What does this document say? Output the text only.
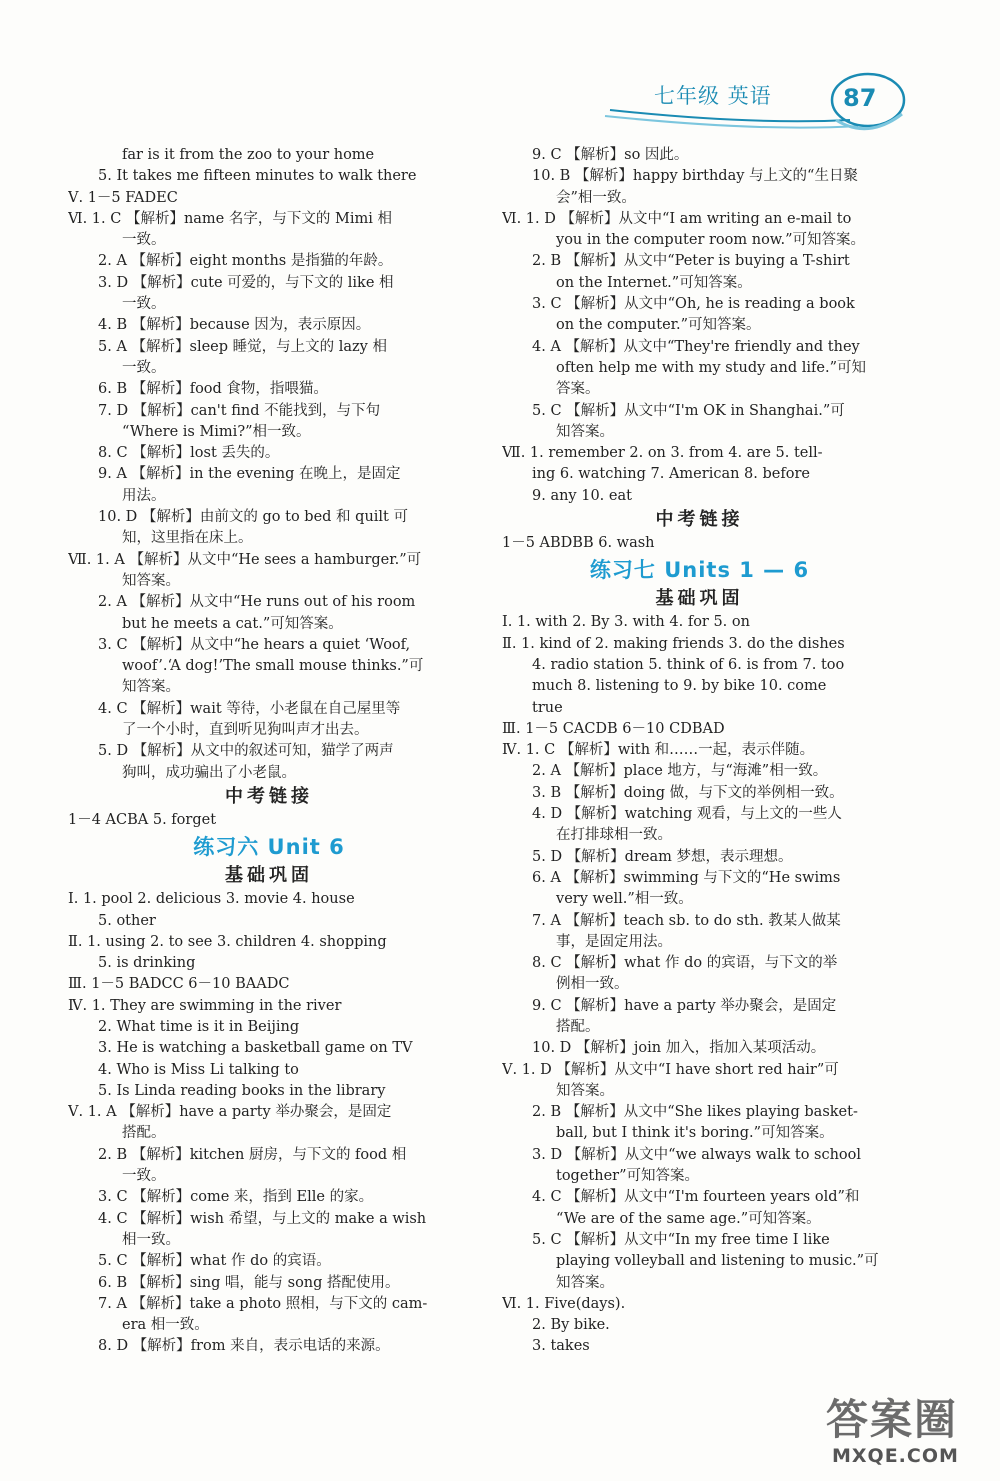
七年级 英语	87
far is it from the zoo to your home
5. It takes me fifteen minutes to walk there
Ⅴ. 1－5 FADEC
Ⅵ. 1. C 【解析】name 名字，与下文的 Mimi 相
一致。
2. A 【解析】eight months 是指猫的年龄。
3. D 【解析】cute 可爱的，与下文的 like 相
一致。
4. B 【解析】because 因为，表示原因。
5. A 【解析】sleep 睡觉，与上文的 lazy 相
一致。
6. B 【解析】food 食物，指喂猫。
7. D 【解析】can't find 不能找到，与下句
“Where is Mimi?”相一致。
8. C 【解析】lost 丢失的。
9. A 【解析】in the evening 在晚上，是固定
用法。
10. D 【解析】由前文的 go to bed 和 quilt 可
知，这里指在床上。
Ⅶ. 1. A 【解析】从文中“He sees a hamburger.”可
知答案。
2. A 【解析】从文中“He runs out of his room
but he meets a cat.”可知答案。
3. C 【解析】从文中“he hears a quiet ‘Woof,
woof’.‘A dog!’The small mouse thinks.”可
知答案。
4. C 【解析】wait 等待，小老鼠在自己屋里等
了一个小时，直到听见狗叫声才出去。
5. D 【解析】从文中的叙述可知，猫学了两声
狗叫，成功骗出了小老鼠。
中考链接
1－4 ACBA 5. forget
练习六 Unit 6
基础巩固
Ⅰ. 1. pool 2. delicious 3. movie 4. house
5. other
Ⅱ. 1. using 2. to see 3. children 4. shopping
5. is drinking
Ⅲ. 1－5 BADCC 6－10 BAADC
Ⅳ. 1. They are swimming in the river
2. What time is it in Beijing
3. He is watching a basketball game on TV
4. Who is Miss Li talking to
5. Is Linda reading books in the library
Ⅴ. 1. A 【解析】have a party 举办聚会，是固定
搭配。
2. B 【解析】kitchen 厨房，与下文的 food 相
一致。
3. C 【解析】come 来，指到 Elle 的家。
4. C 【解析】wish 希望，与上文的 make a wish
相一致。
5. C 【解析】what 作 do 的宾语。
6. B 【解析】sing 唱，能与 song 搭配使用。
7. A 【解析】take a photo 照相，与下文的 cam-
era 相一致。
8. D 【解析】from 来自，表示电话的来源。
9. C 【解析】so 因此。
10. B 【解析】happy birthday 与上文的“生日聚
会”相一致。
Ⅵ. 1. D 【解析】从文中“I am writing an e-mail to
you in the computer room now.”可知答案。
2. B 【解析】从文中“Peter is buying a T-shirt
on the Internet.”可知答案。
3. C 【解析】从文中“Oh, he is reading a book
on the computer.”可知答案。
4. A 【解析】从文中“They're friendly and they
often help me with my study and life.”可知
答案。
5. C 【解析】从文中“I'm OK in Shanghai.”可
知答案。
Ⅶ. 1. remember 2. on 3. from 4. are 5. tell-
ing 6. watching 7. American 8. before
9. any 10. eat
中考链接
1－5 ABDBB 6. wash
练习七 Units 1 — 6
基础巩固
Ⅰ. 1. with 2. By 3. with 4. for 5. on
Ⅱ. 1. kind of 2. making friends 3. do the dishes
4. radio station 5. think of 6. is from 7. too
much 8. listening to 9. by bike 10. come
true
Ⅲ. 1－5 CACDB 6－10 CDBAD
Ⅳ. 1. C 【解析】with 和……一起，表示伴随。
2. A 【解析】place 地方，与“海滩”相一致。
3. B 【解析】doing 做，与下文的举例相一致。
4. D 【解析】watching 观看，与上文的一些人
在打排球相一致。
5. D 【解析】dream 梦想，表示理想。
6. A 【解析】swimming 与下文的“He swims
very well.”相一致。
7. A 【解析】teach sb. to do sth. 教某人做某
事，是固定用法。
8. C 【解析】what 作 do 的宾语，与下文的举
例相一致。
9. C 【解析】have a party 举办聚会，是固定
搭配。
10. D 【解析】join 加入，指加入某项活动。
Ⅴ. 1. D 【解析】从文中“I have short red hair”可
知答案。
2. B 【解析】从文中“She likes playing basket-
ball, but I think it's boring.”可知答案。
3. D 【解析】从文中“we always walk to school
together”可知答案。
4. C 【解析】从文中“I'm fourteen years old”和
“We are of the same age.”可知答案。
5. C 【解析】从文中“In my free time I like
playing volleyball and listening to music.”可
知答案。
Ⅵ. 1. Five(days).
2. By bike.
3. takes
答案圈
MXQE.COM
